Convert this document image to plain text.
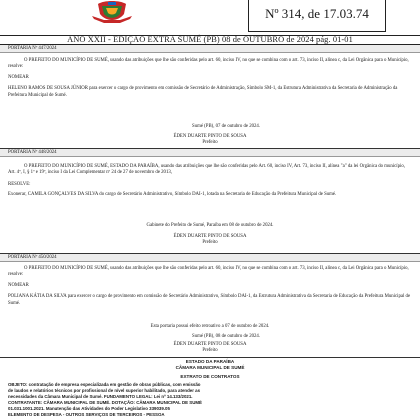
Nº 314, de 17.03.74
ANO XXII - EDIÇÃO EXTRA SUMÉ (PB) 08 de OUTUBRO de 2024 pág. 01-01
PORTARIA Nº 447/2024

O PREFEITO DO MUNICÍPIO DE SUMÉ, usando das atribuições que lhe são conferidas pelo art. 60, inciso IV, no que se combina com o art. 73, inciso II, alínea c, da Lei Orgânica para o Município, resolve:

NOMEAR

HELENO RAMOS DE SOUSA JÚNIOR para exercer o cargo de provimento em comissão de Secretário de Administração, Símbolo SM-1, da Estrutura Administrativa da Secretaria de Administração da Prefeitura Municipal de Sumé.

Sumé (PB), 07 de outubro de 2024.
ÉDEN DUARTE PINTO DE SOUSA
Prefeito
PORTARIA Nº 448/2024

O PREFEITO DO MUNICÍPIO DE SUMÉ, ESTADO DA PARAÍBA, usando das atribuições que lhe são conferidas pelo Art. 60, inciso IV, Art. 73, inciso II, alínea "a" da lei Orgânica do município, Art. 4º, I, § 1º e 19º, inciso I da Lei Complementar nº 24 de 27 de novembro de 2013,

RESOLVE:

Exonerar, CAMILA GONÇALVES DA SILVA do cargo de Secretário Administrativo, Símbolo DAI-1, lotada na Secretaria de Educação da Prefeitura Municipal de Sumé.

Gabinete do Prefeito de Sumé, Paraíba em 08 de outubro de 2024.
ÉDEN DUARTE PINTO DE SOUSA
Prefeito
PORTARIA Nº 450/2024

O PREFEITO DO MUNICÍPIO DE SUMÉ, usando das atribuições que lhe são conferidas pelo art. 60, inciso IV, no que se combina com o art. 73, inciso II, alínea c, da Lei Orgânica para o Município, resolve:

NOMEAR

POLIANA KÁTIA DA SILVA para exercer o cargo de provimento em comissão de Secretário Administrativo, Símbolo DAI-1, da Estrutura Administrativa da Secretaria de Educação da Prefeitura Municipal de Sumé.

Esta portaria possui efeito retroativo a 07 de outubro de 2024.
Sumé (PB), 08 de outubro de 2024.
ÉDEN DUARTE PINTO DE SOUSA
Prefeito
ESTADO DA PARAÍBA
CÂMARA MUNICIPAL DE SUMÉ
EXTRATO DE CONTRATOS
OBJETO: contratação de empresa especializada em gestão de obras públicas, com emissão
de laudos e relatórios técnicos por profissional de nível superior habilitado, para atender as
necessidades da Câmara Municipal de Sumé. FUNDAMENTO LEGAL: Lei nº 14.133/2021.
CONTRATANTE: CÂMARA MUNICIPAL DE SUMÉ. DOTAÇÃO: CÂMARA MUNICIPAL DE SUMÉ
01.031.1001.2021. Manutenção das Atividades do Poder Legislativo 339039.05
ELEMENTO DE DESPESA - OUTROS SERVIÇOS DE TERCEIROS - PESSOA
